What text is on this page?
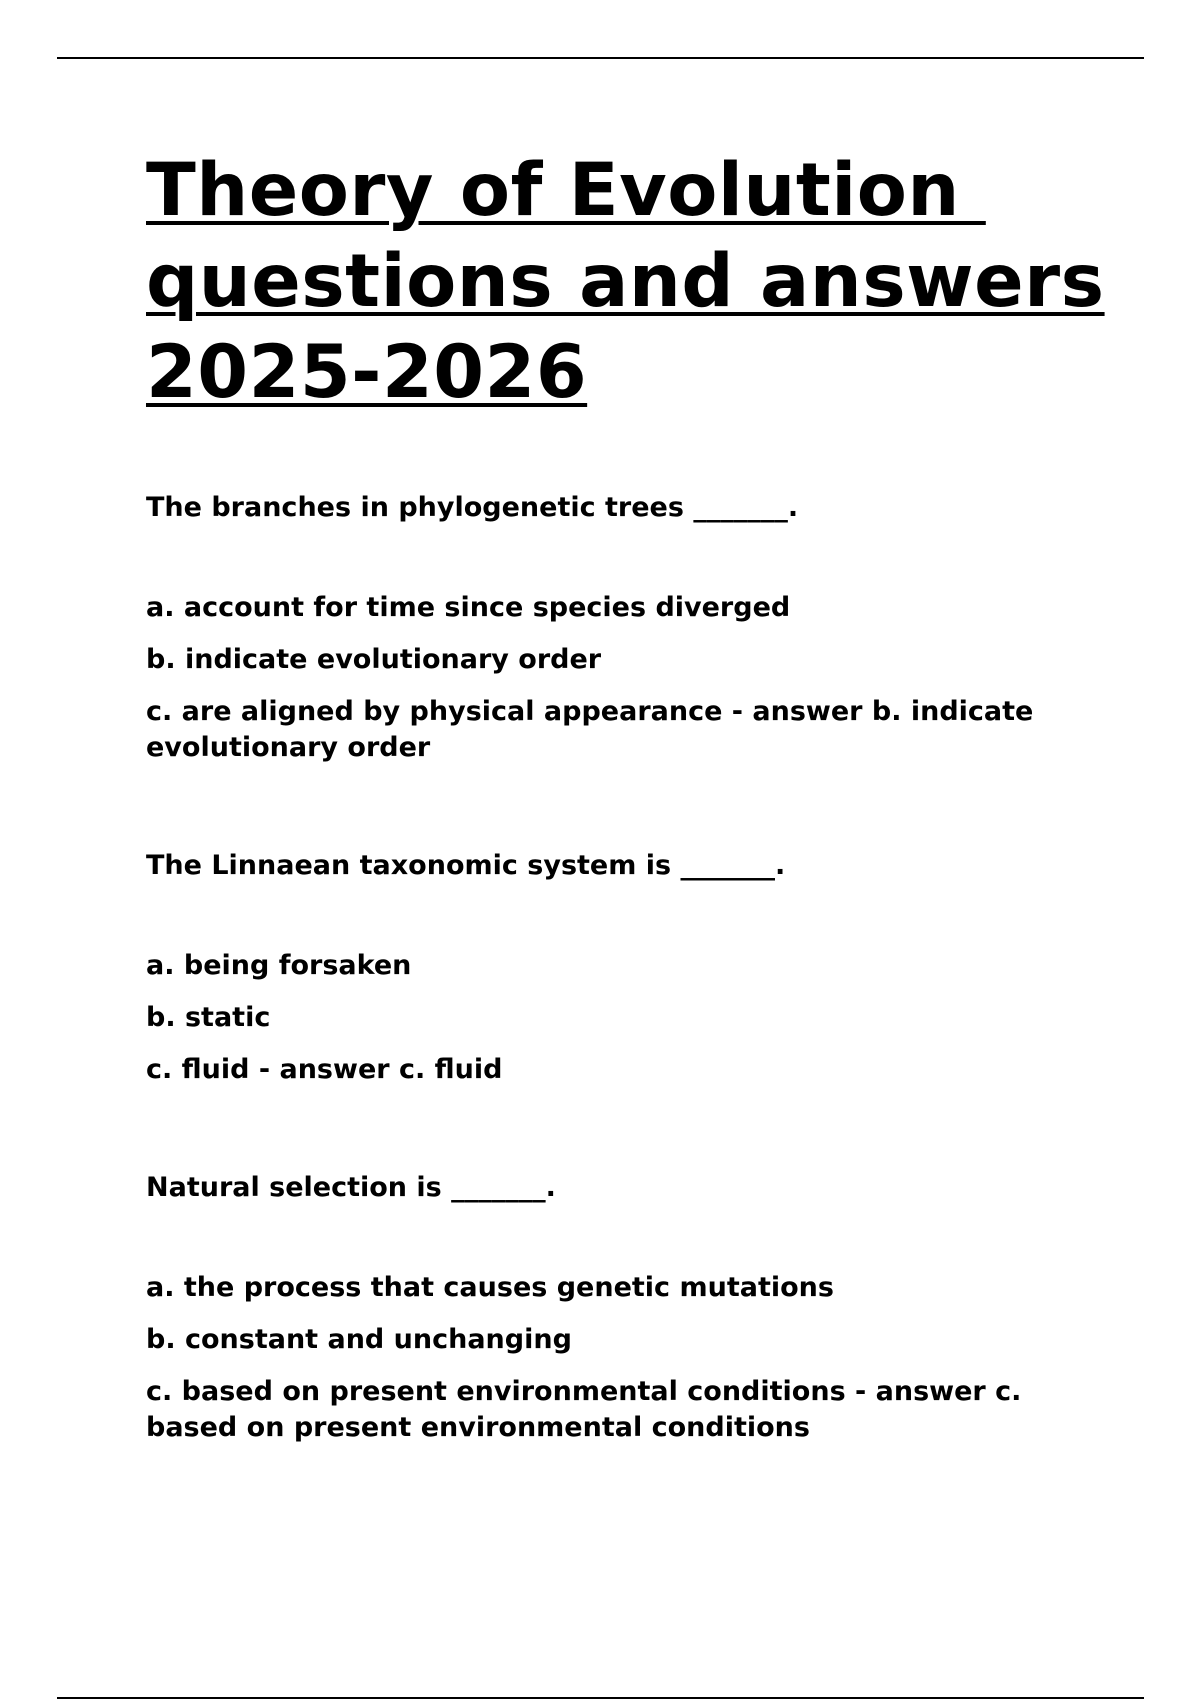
Theory of Evolution
questions and answers
2025-2026

The branches in phylogenetic trees _______.

a. account for time since species diverged

b. indicate evolutionary order

c. are aligned by physical appearance - answer b. indicate evolutionary order

The Linnaean taxonomic system is _______.

a. being forsaken

b. static

c. fluid - answer c. fluid

Natural selection is _______.

a. the process that causes genetic mutations

b. constant and unchanging

c. based on present environmental conditions - answer c. based on present environmental conditions
